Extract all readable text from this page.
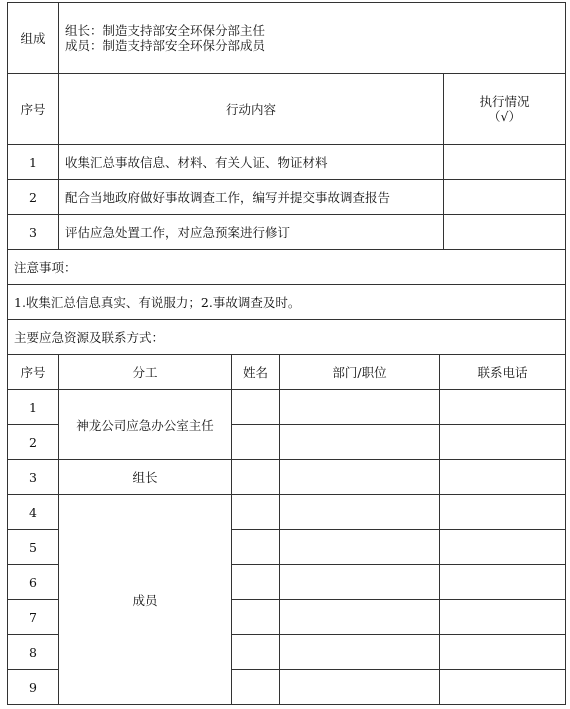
组成	组长：制造支持部安全环保分部主任
成员：制造支持部安全环保分部成员	

序号	行动内容	执行情况
（√）

1	收集汇总事故信息、材料、有关人证、物证材料	
2	配合当地政府做好事故调查工作，编写并提交事故调查报告	
3	评估应急处置工作，对应急预案进行修订	
注意事项：		
1.收集汇总信息真实、有说服力；2.事故调查及时。		
主要应急资源及联系方式：		
序号	分工	姓名	部门/职位	联系电话
1	神龙公司应急办公室主任			
2				
3	组长			
4	成员			
5				
6				
7				
8				
9				
